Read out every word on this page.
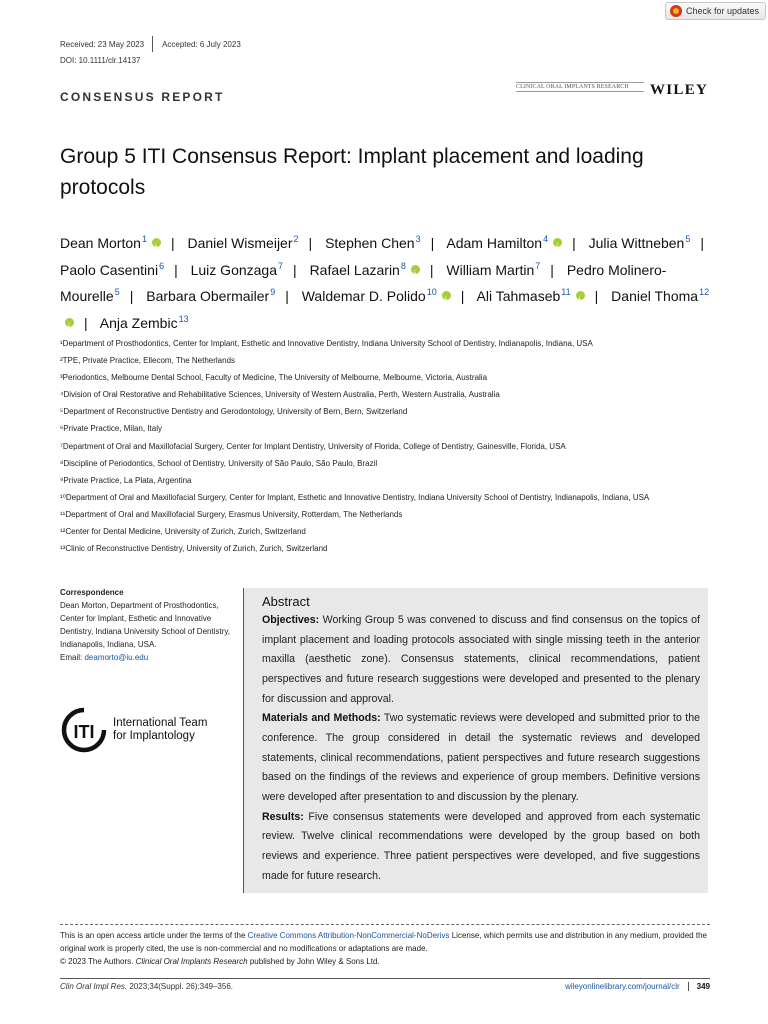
Check for updates
Received: 23 May 2023 Accepted: 6 July 2023
DOI: 10.1111/clr.14137
CONSENSUS REPORT
CLINICAL ORAL IMPLANTS RESEARCH	WILEY
Group 5 ITI Consensus Report: Implant placement and loading protocols
Dean Morton$^1$ i | Daniel Wismeijer$^2$ | Stephen Chen$^3$ | Adam Hamilton$^4$ i | Julia Wittneben$^5$ | Paolo Casentini$^6$ | Luiz Gonzaga$^7$ | Rafael Lazarin$^8$ i | William Martin$^7$ | Pedro Molinero-Mourelle$^5$ | Barbara Obermailer$^9$ | Waldemar D. Polido$^{10}$ i | Ali Tahmaseb$^{11}$ i | Daniel Thoma$^{12}$i| Anja Zembic$^{13}$
¹Department of Prosthodontics, Center for Implant, Esthetic and Innovative Dentistry, Indiana University School of Dentistry, Indianapolis, Indiana, USA
²TPE, Private Practice, Ellecom, The Netherlands
³Periodontics, Melbourne Dental School, Faculty of Medicine, The University of Melbourne, Melbourne, Victoria, Australia
⁴Division of Oral Restorative and Rehabilitative Sciences, University of Western Australia, Perth, Western Australia, Australia
⁵Department of Reconstructive Dentistry and Gerodontology, University of Bern, Bern, Switzerland
⁶Private Practice, Milan, Italy
⁷Department of Oral and Maxillofacial Surgery, Center for Implant Dentistry, University of Florida, College of Dentistry, Gainesville, Florida, USA
⁸Discipline of Periodontics, School of Dentistry, University of São Paulo, São Paulo, Brazil
⁹Private Practice, La Plata, Argentina
¹⁰Department of Oral and Maxillofacial Surgery, Center for Implant, Esthetic and Innovative Dentistry, Indiana University School of Dentistry, Indianapolis, Indiana, USA
¹¹Department of Oral and Maxillofacial Surgery, Erasmus University, Rotterdam, The Netherlands
¹²Center for Dental Medicine, University of Zurich, Zurich, Switzerland
¹³Clinic of Reconstructive Dentistry, University of Zurich, Zurich, Switzerland
Correspondence
Dean Morton, Department of Prosthodontics, Center for Implant, Esthetic and Innovative Dentistry, Indiana University School of Dentistry, Indianapolis, Indiana, USA.
Email: deamorto@iu.edu
ITI International Team
for Implantology
Abstract

Objectives: Working Group 5 was convened to discuss and find consensus on the topics of implant placement and loading protocols associated with single missing teeth in the anterior maxilla (aesthetic zone). Consensus statements, clinical recommendations, patient perspectives and future research suggestions were developed and presented to the plenary for discussion and approval.

Materials and Methods: Two systematic reviews were developed and submitted prior to the conference. The group considered in detail the systematic reviews and developed statements, clinical recommendations, patient perspectives and future research suggestions based on the findings of the reviews and experience of group members. Definitive versions were developed after presentation to and discussion by the plenary.

Results: Five consensus statements were developed and approved from each systematic review. Twelve clinical recommendations were developed by the group based on both reviews and experience. Three patient perspectives were developed, and five suggestions made for future research.

This is an open access article under the terms of the Creative Commons Attribution-NonCommercial-NoDerivs License, which permits use and distribution in any medium, provided the original work is properly cited, the use is non-commercial and no modifications or adaptations are made.
© 2023 The Authors. Clinical Oral Implants Research published by John Wiley & Sons Ltd.
Clin Oral Impl Res. 2023;34(Suppl. 26):349–356.	wileyonlinelibrary.com/journal/clr 349
